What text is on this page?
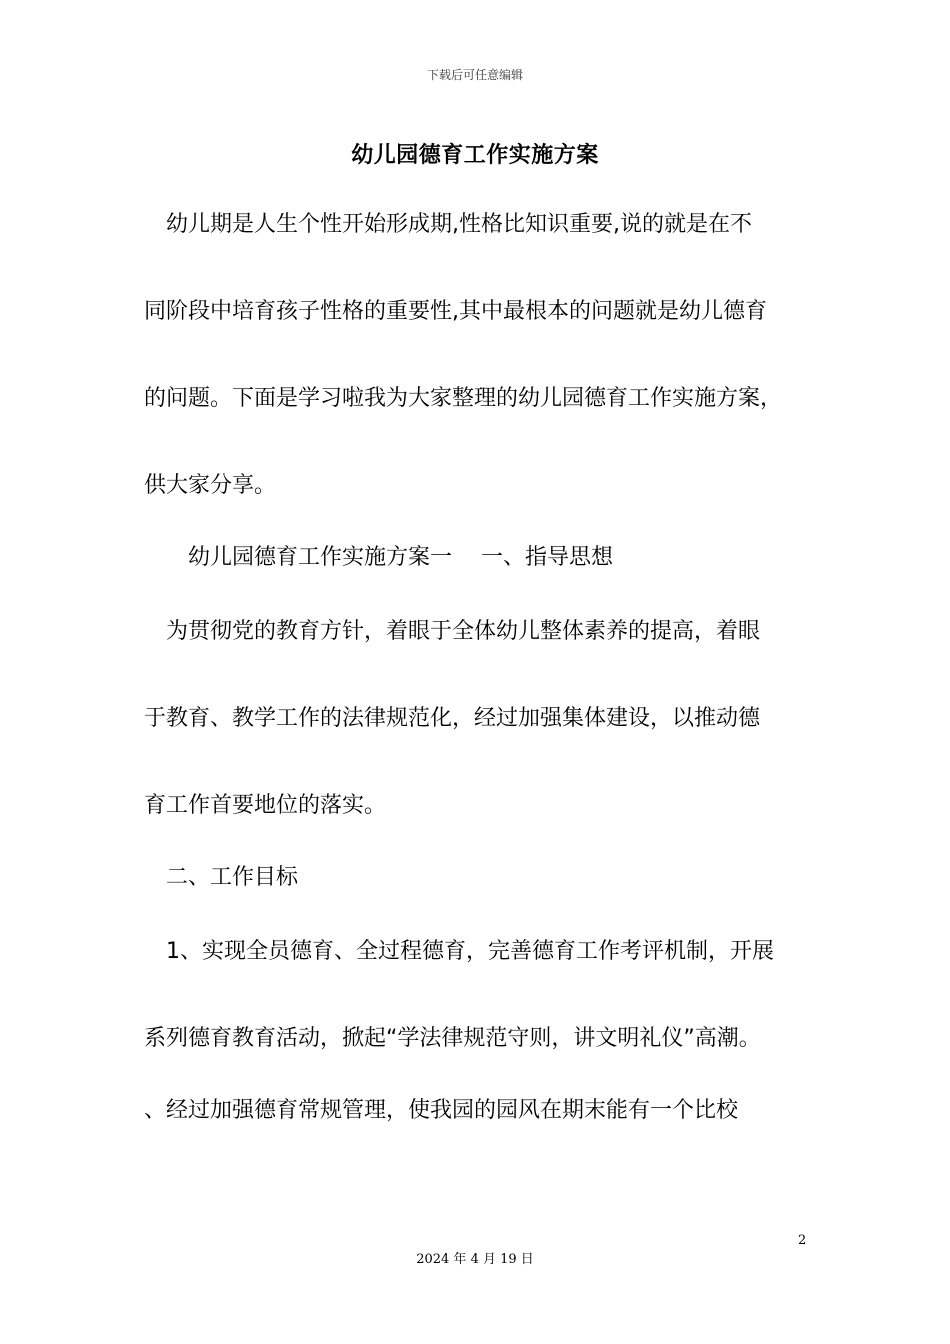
下载后可任意编辑
幼儿园德育工作实施方案
　幼儿期是人生个性开始形成期,性格比知识重要,说的就是在不
同阶段中培育孩子性格的重要性,其中最根本的问题就是幼儿德育
的问题。下面是学习啦我为大家整理的幼儿园德育工作实施方案，
供大家分享。
　　幼儿园德育工作实施方案一　 一、指导思想
　为贯彻党的教育方针，着眼于全体幼儿整体素养的提高，着眼
于教育、教学工作的法律规范化，经过加强集体建设，以推动德
育工作首要地位的落实。
　二、工作目标
　1、实现全员德育、全过程德育，完善德育工作考评机制，开展
系列德育教育活动，掀起“学法律规范守则，讲文明礼仪”高潮。
、经过加强德育常规管理，使我园的园风在期末能有一个比校
2
2024 年 4 月 19 日
